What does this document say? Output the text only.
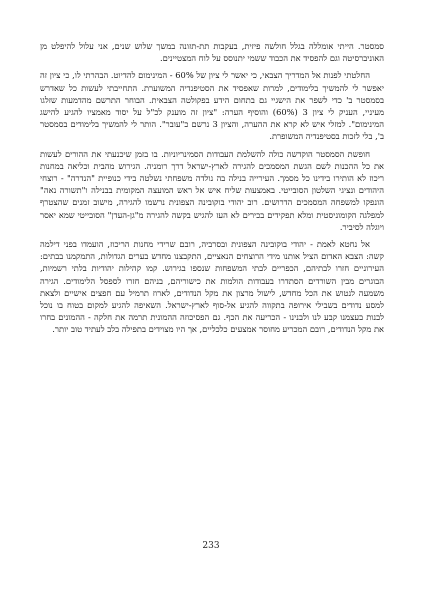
סמסטר. הייתי אומללה בגלל חולשה פיזית, בעקבות תת-תזונה במשך שלוש שנים, אני עלול להיפלט מן האוניברסיטה וגם להפסיד את הכבוד ששמי יתנוסס על לוח המצטיינים.

החלטתי לפנות אל המדריך הצבאי, כי יאשר לי ציון של 60% - המינימום להדיוט. הבהרתי לו, כי ציון זה יאפשר לי להמשיך בלימודים, למרות שאפסיד את הסטיפנדיה המשוערת. התחייבתי לעשות כל שאדרש בסמסטר ב' כדי לשפר את הישגיי גם בתחום הידע בפקולטה הצבאית. הבוחר התרשם מהדמעות שזלגו מעיניי, העניק לי ציון 3 (60%) והוסיף הערה: "ציון זה מוענק לכ"ל על יסוד מאמציו להגיע להישג המינימום". למזלי איש לא קרא את ההערה, והציון 3 נרשם כ"עובר". הותר לי להמשיך בלימודים בסמסטר ב', בלי לזכות בסטיפנדיה המשופרת.

חופשת הסמסטר הוקדשה כולה להשלמת העבודות הסמינריוניות. בו בזמן שיכנעתי את ההורים לעשות את כל ההכנות לשם הגשת המסמכים להגירה לארץ-ישראל דרך רומניה. הגירוש מהבית וכליאה במחנות ריכוז לא הותירו בידינו כל מסמך. העירייה בנילה בה נולדה משפחתי נשלטה בידי כנופיית "הנדרה" - רוצחי היהודים ונציגי השלטון הסובייטי. באמצעות שליח איש אל ראש המועצה המקומית בבנילה ו"תשורה נאה" הונפקו למשפחה המסמכים הדרושים. רוב יהודי בוקובינה הצפונית נרשמו להגירה, מישוב זמנים שהצטרף למפלגה הקומוניסטית ומלא תפקידים בכירים לא העז להגיש בקשה להגירה מ"גן-העדן" הסובייטי שמא יאסר ויוגלה לסיביר.

אל נחטא לאמת - יהודי בוקובינה הצפונית ובסרביה, רובם שרידי מחנות הריכוז, הועמדו בפני דילמה קשה: הצבא האדום הציל אותנו מידי הרוצחים הנאציים, התקבצנו מחדש בערים הגדולות, התמקמנו בבתים: העירוניים חזרו לבתיהם, הכפריים לבתי המשפחות שנספו בגירוש. קמו קהילות יהודיות בלתי רשמיות, הבוגרים מבין השורדים הסתדרו בעבודות הולמות את כישוריהם, בניהם חזרו לספסל הלימודים. הגירה משמעה לנטוש את הכל מחדש, לישול מרצון את מקל הנדודים, לארוז תרמיל עם חפצים אישיים ולצאת למסע נדודים בשבילי אירופה בתקווה להגיע אל-סוף לארץ-ישראל. השאיפה להגיע למקום בטוח בו נוכל לבנות בעצמנו קבע לנו ולבנינו - הכריעה את הכף. גם הפסיכוזה ההמונית תרמה את חלקה - ההמונים בחרו את מקל הנדודים, רובם המכריע מחוסר אמצעים כלכליים, אך היו מצוידים בתפילה בלב לעתיד טוב יותר.

233
